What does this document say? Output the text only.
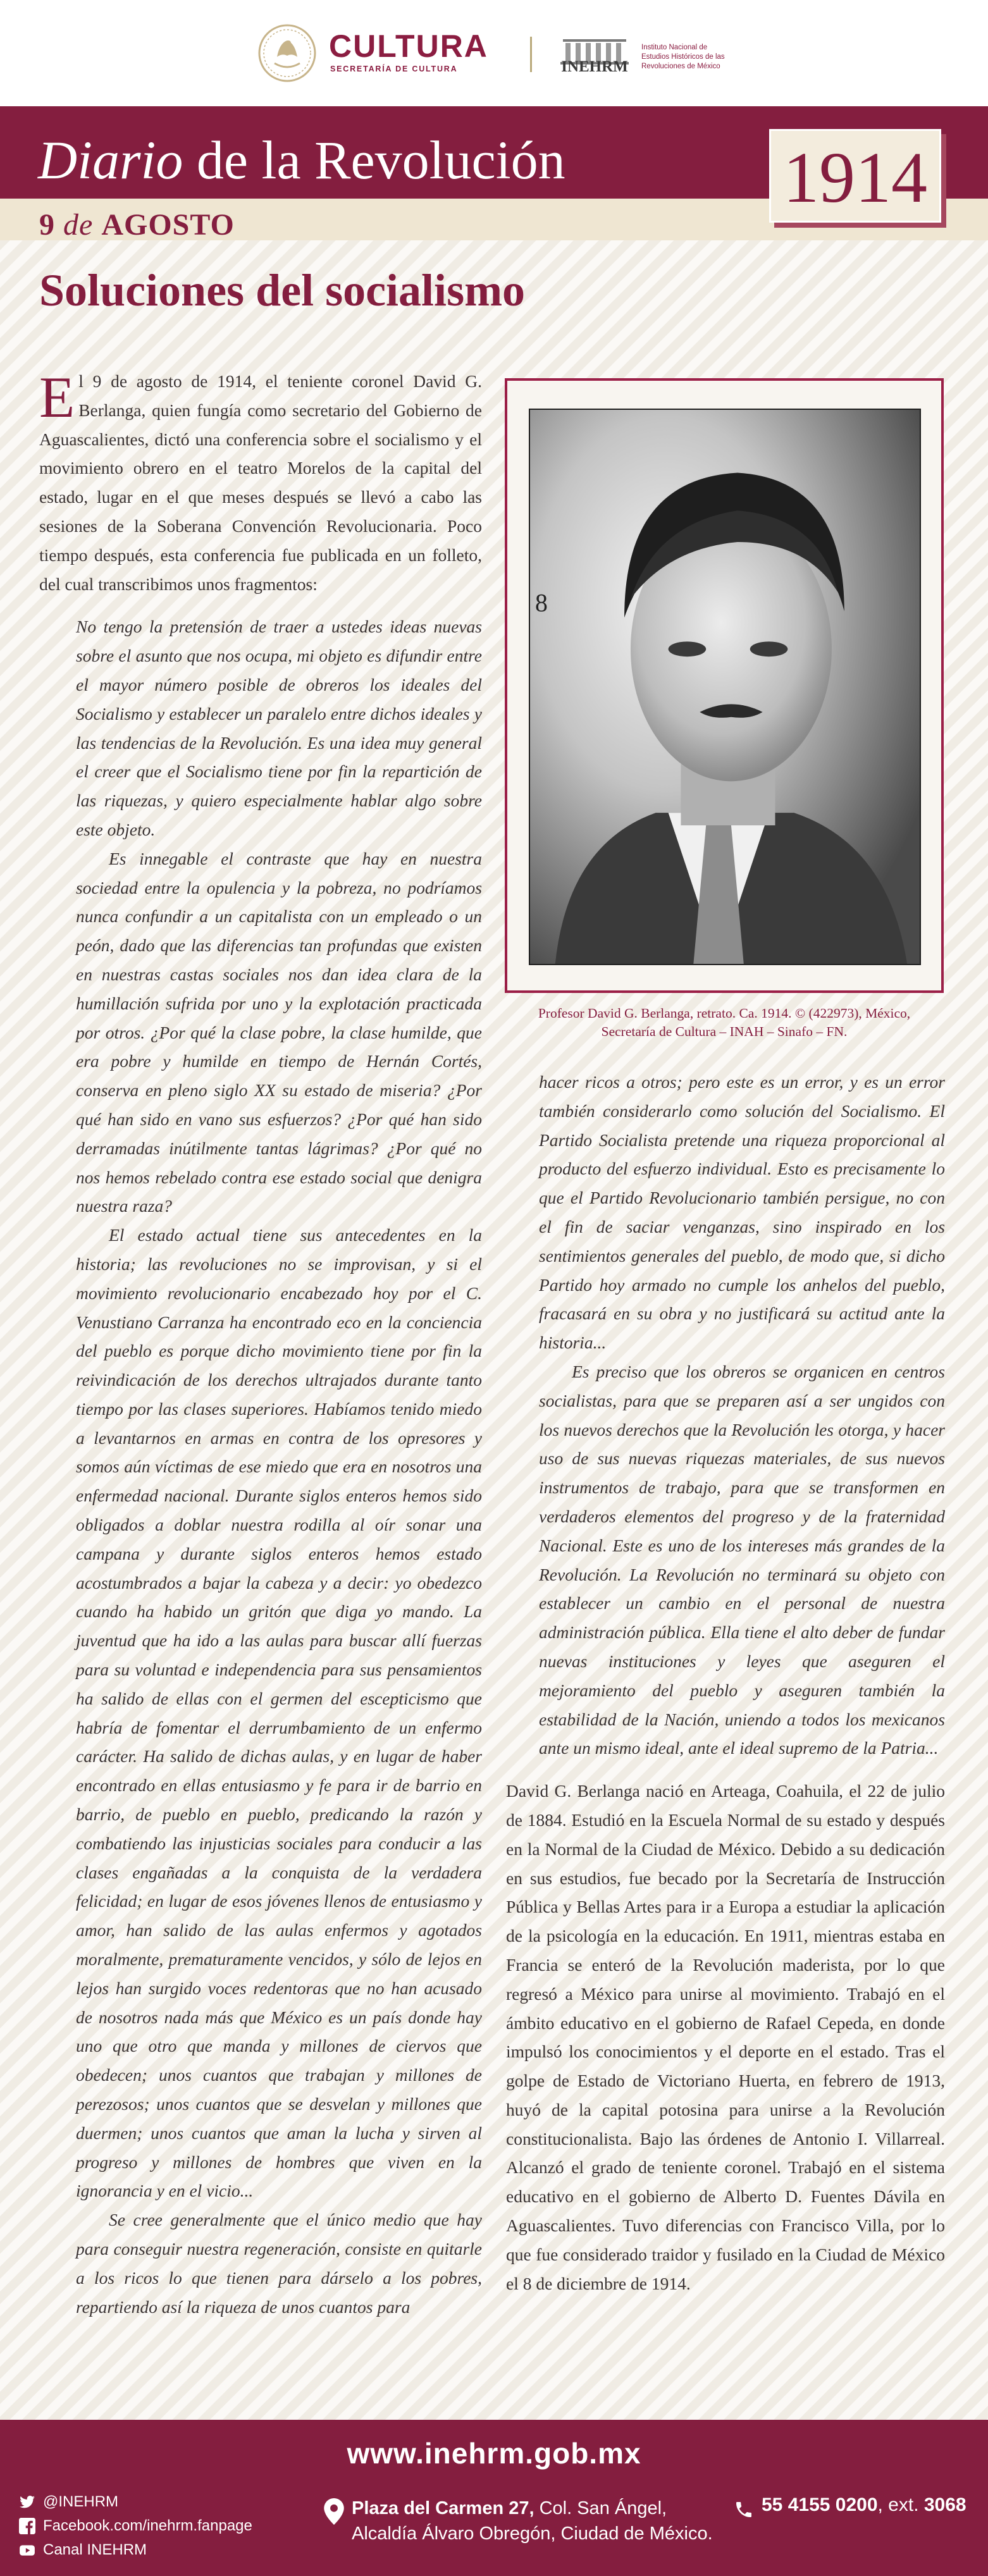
CULTURA
SECRETARÍA DE CULTURA	INEHRM
Instituto Nacional de
Estudios Históricos de las
Revoluciones de México
Diario de la Revolución
9 de AGOSTO
1914
Soluciones del socialismo

El 9 de agosto de 1914, el teniente coronel David G. Berlanga, quien fungía como secretario del Gobierno de Aguascalientes, dictó una conferencia sobre el socialismo y el movimiento obrero en el teatro Morelos de la capital del estado, lugar en el que meses después se llevó a cabo las sesiones de la Soberana Convención Revolucionaria. Poco tiempo después, esta conferencia fue publicada en un folleto, del cual transcribimos unos fragmentos:

No tengo la pretensión de traer a ustedes ideas nuevas sobre el asunto que nos ocupa, mi objeto es difundir entre el mayor número posible de obreros los ideales del Socialismo y establecer un paralelo entre dichos ideales y las tendencias de la Revolución. Es una idea muy general el creer que el Socialismo tiene por fin la repartición de las riquezas, y quiero especialmente hablar algo sobre este objeto.

Es innegable el contraste que hay en nuestra sociedad entre la opulencia y la pobreza, no podríamos nunca confundir a un capitalista con un empleado o un peón, dado que las diferencias tan profundas que existen en nuestras castas sociales nos dan idea clara de la humillación sufrida por uno y la explotación practicada por otros. ¿Por qué la clase pobre, la clase humilde, que era pobre y humilde en tiempo de Hernán Cortés, conserva en pleno siglo XX su estado de miseria? ¿Por qué han sido en vano sus esfuerzos? ¿Por qué han sido derramadas inútilmente tantas lágrimas? ¿Por qué no nos hemos rebelado contra ese estado social que denigra nuestra raza?

El estado actual tiene sus antecedentes en la historia; las revoluciones no se improvisan, y si el movimiento revolucionario encabezado hoy por el C. Venustiano Carranza ha encontrado eco en la conciencia del pueblo es porque dicho movimiento tiene por fin la reivindicación de los derechos ultrajados durante tanto tiempo por las clases superiores. Habíamos tenido miedo a levantarnos en armas en contra de los opresores y somos aún víctimas de ese miedo que era en nosotros una enfermedad nacional. Durante siglos enteros hemos sido obligados a doblar nuestra rodilla al oír sonar una campana y durante siglos enteros hemos estado acostumbrados a bajar la cabeza y a decir: yo obedezco cuando ha habido un gritón que diga yo mando. La juventud que ha ido a las aulas para buscar allí fuerzas para su voluntad e independencia para sus pensamientos ha salido de ellas con el germen del escepticismo que habría de fomentar el derrumbamiento de un enfermo carácter. Ha salido de dichas aulas, y en lugar de haber encontrado en ellas entusiasmo y fe para ir de barrio en barrio, de pueblo en pueblo, predicando la razón y combatiendo las injusticias sociales para conducir a las clases engañadas a la conquista de la verdadera felicidad; en lugar de esos jóvenes llenos de entusiasmo y amor, han salido de las aulas enfermos y agotados moralmente, prematuramente vencidos, y sólo de lejos en lejos han surgido voces redentoras que no han acusado de nosotros nada más que México es un país donde hay uno que otro que manda y millones de ciervos que obedecen; unos cuantos que trabajan y millones de perezosos; unos cuantos que se desvelan y millones que duermen; unos cuantos que aman la lucha y sirven al progreso y millones de hombres que viven en la ignorancia y en el vicio...

Se cree generalmente que el único medio que hay para conseguir nuestra regeneración, consiste en quitarle a los ricos lo que tienen para dárselo a los pobres, repartiendo así la riqueza de unos cuantos para

8
Profesor David G. Berlanga, retrato. Ca. 1914. © (422973), México,
Secretaría de Cultura – INAH – Sinafo – FN.

hacer ricos a otros; pero este es un error, y es un error también considerarlo como solución del Socialismo. El Partido Socialista pretende una riqueza proporcional al producto del esfuerzo individual. Esto es precisamente lo que el Partido Revolucionario también persigue, no con el fin de saciar venganzas, sino inspirado en los sentimientos generales del pueblo, de modo que, si dicho Partido hoy armado no cumple los anhelos del pueblo, fracasará en su obra y no justificará su actitud ante la historia...

Es preciso que los obreros se organicen en centros socialistas, para que se preparen así a ser ungidos con los nuevos derechos que la Revolución les otorga, y hacer uso de sus nuevas riquezas materiales, de sus nuevos instrumentos de trabajo, para que se transformen en verdaderos elementos del progreso y de la fraternidad Nacional. Este es uno de los intereses más grandes de la Revolución. La Revolución no terminará su objeto con establecer un cambio en el personal de nuestra administración pública. Ella tiene el alto deber de fundar nuevas instituciones y leyes que aseguren el mejoramiento del pueblo y aseguren también la estabilidad de la Nación, uniendo a todos los mexicanos ante un mismo ideal, ante el ideal supremo de la Patria...

David G. Berlanga nació en Arteaga, Coahuila, el 22 de julio de 1884. Estudió en la Escuela Normal de su estado y después en la Normal de la Ciudad de México. Debido a su dedicación en sus estudios, fue becado por la Secretaría de Instrucción Pública y Bellas Artes para ir a Europa a estudiar la aplicación de la psicología en la educación. En 1911, mientras estaba en Francia se enteró de la Revolución maderista, por lo que regresó a México para unirse al movimiento. Trabajó en el ámbito educativo en el gobierno de Rafael Cepeda, en donde impulsó los conocimientos y el deporte en el estado. Tras el golpe de Estado de Victoriano Huerta, en febrero de 1913, huyó de la capital potosina para unirse a la Revolución constitucionalista. Bajo las órdenes de Antonio I. Villarreal. Alcanzó el grado de teniente coronel. Trabajó en el sistema educativo en el gobierno de Alberto D. Fuentes Dávila en Aguascalientes. Tuvo diferencias con Francisco Villa, por lo que fue considerado traidor y fusilado en la Ciudad de México el 8 de diciembre de 1914.

www.inehrm.gob.mx
@INEHRM
Facebook.com/inehrm.fanpage
Canal INEHRM
Plaza del Carmen 27, Col. San Ángel,
Alcaldía Álvaro Obregón, Ciudad de México.
55 4155 0200, ext. 3068
